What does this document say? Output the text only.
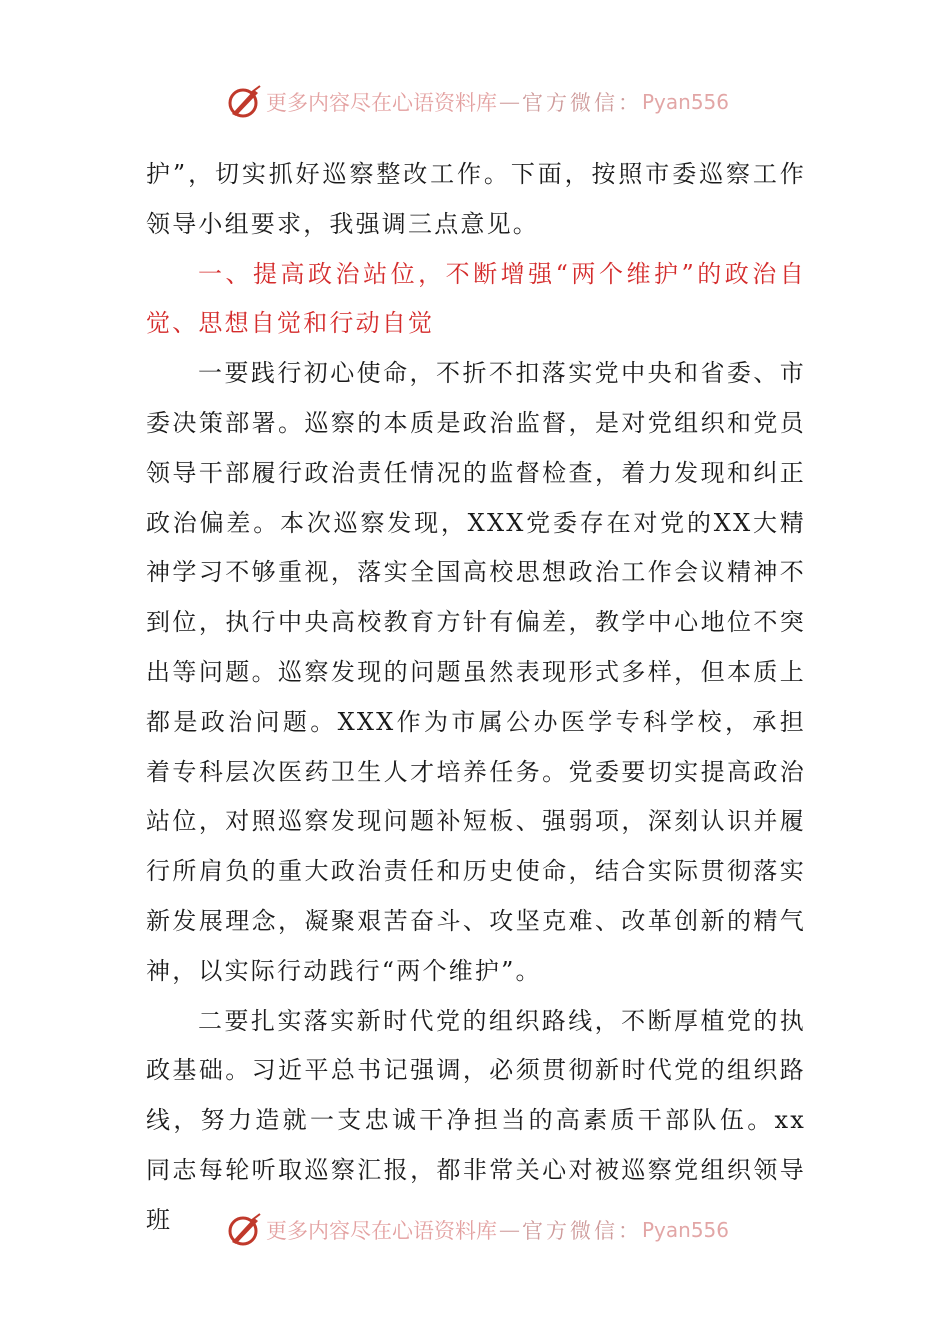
更多内容尽在心语资料库 — 官方微信： Pyan556

护”，切实抓好巡察整改工作。下面，按照市委巡察工作领导小组要求，我强调三点意见。

一、提高政治站位，不断增强“两个维护”的政治自觉、思想自觉和行动自觉

一要践行初心使命，不折不扣落实党中央和省委、市委决策部署。巡察的本质是政治监督，是对党组织和党员领导干部履行政治责任情况的监督检查，着力发现和纠正政治偏差。本次巡察发现，XXX党委存在对党的XX大精神学习不够重视，落实全国高校思想政治工作会议精神不到位，执行中央高校教育方针有偏差，教学中心地位不突出等问题。巡察发现的问题虽然表现形式多样，但本质上都是政治问题。XXX作为市属公办医学专科学校，承担着专科层次医药卫生人才培养任务。党委要切实提高政治站位，对照巡察发现问题补短板、强弱项，深刻认识并履行所肩负的重大政治责任和历史使命，结合实际贯彻落实新发展理念，凝聚艰苦奋斗、攻坚克难、改革创新的精气神，以实际行动践行“两个维护”。

二要扎实落实新时代党的组织路线，不断厚植党的执政基础。习近平总书记强调，必须贯彻新时代党的组织路线，努力造就一支忠诚干净担当的高素质干部队伍。xx同志每轮听取巡察汇报，都非常关心对被巡察党组织领导班	更多内容尽在心语资料库 — 官方微信： Pyan556
